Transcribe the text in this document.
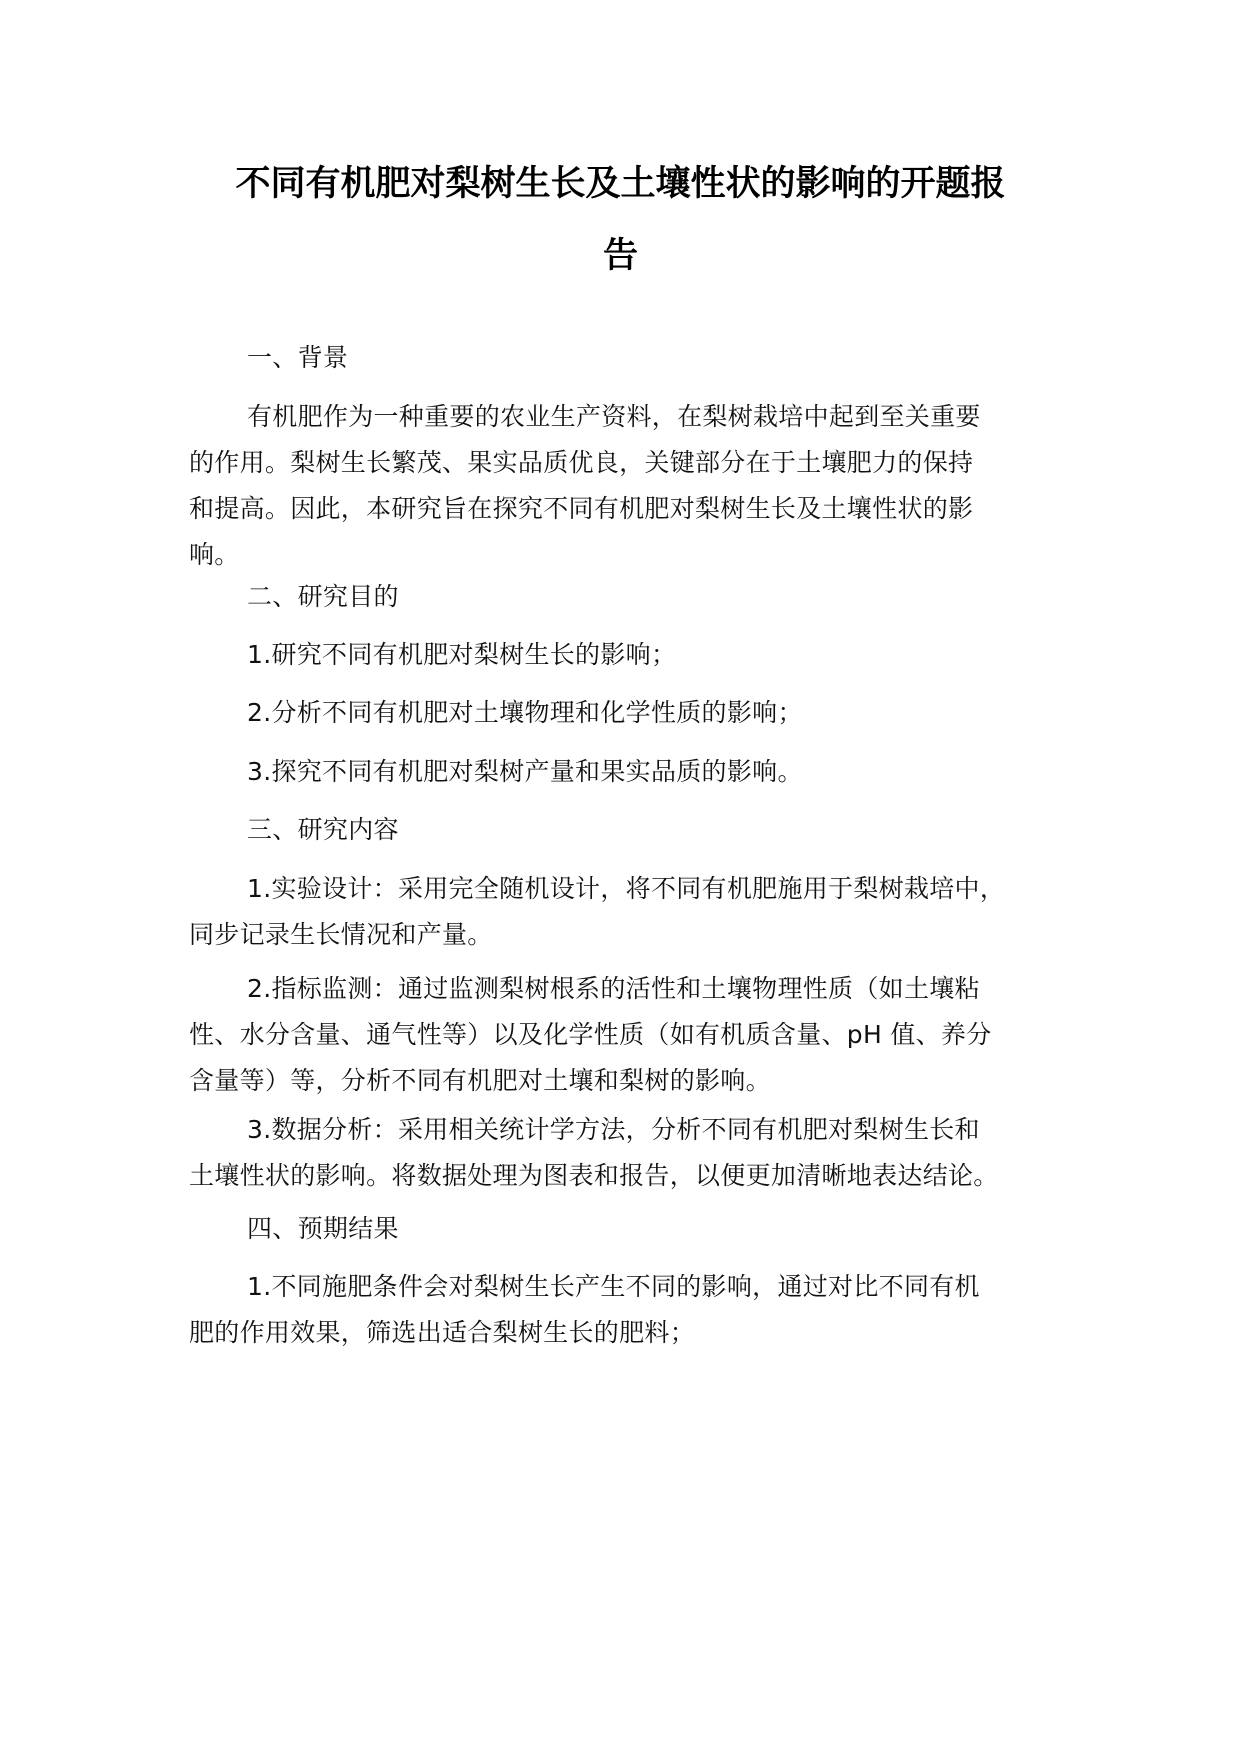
不同有机肥对梨树生长及土壤性状的影响的开题报
告
一、背景
有机肥作为一种重要的农业生产资料，在梨树栽培中起到至关重要
的作用。梨树生长繁茂、果实品质优良，关键部分在于土壤肥力的保持
和提高。因此，本研究旨在探究不同有机肥对梨树生长及土壤性状的影
响。
二、研究目的
1.研究不同有机肥对梨树生长的影响；
2.分析不同有机肥对土壤物理和化学性质的影响；
3.探究不同有机肥对梨树产量和果实品质的影响。
三、研究内容
1.实验设计：采用完全随机设计，将不同有机肥施用于梨树栽培中，
同步记录生长情况和产量。
2.指标监测：通过监测梨树根系的活性和土壤物理性质（如土壤粘
性、水分含量、通气性等）以及化学性质（如有机质含量、pH 值、养分
含量等）等，分析不同有机肥对土壤和梨树的影响。
3.数据分析：采用相关统计学方法，分析不同有机肥对梨树生长和
土壤性状的影响。将数据处理为图表和报告，以便更加清晰地表达结论。
四、预期结果
1.不同施肥条件会对梨树生长产生不同的影响，通过对比不同有机
肥的作用效果，筛选出适合梨树生长的肥料；
